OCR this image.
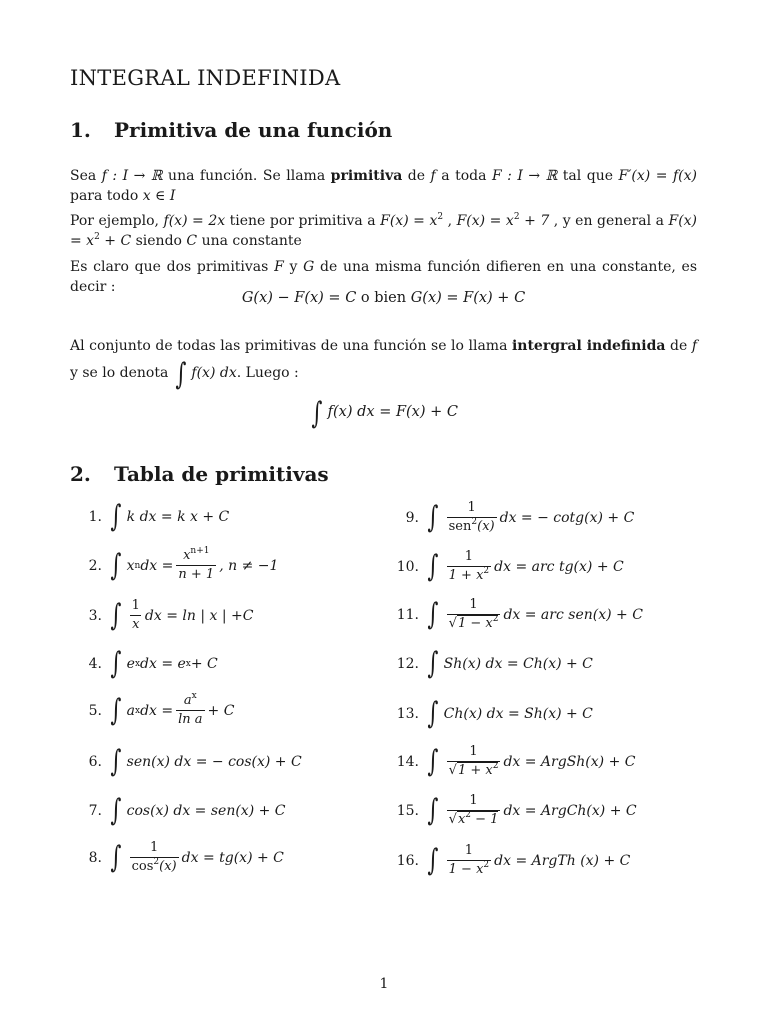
INTEGRAL INDEFINIDA
1. Primitiva de una función

Sea f : I → ℝ una función. Se llama primitiva de f a toda F : I → ℝ tal que F′(x) = f(x) para todo x ∈ I

Por ejemplo, f(x) = 2x tiene por primitiva a $F(x) = x^2$ , $F(x) = x^2 + 7$ , y en general a $F(x) = x^2 + C$ siendo C una constante

Es claro que dos primitivas F y G de una misma función difieren en una constante, es decir :

G(x) − F(x) = C o bien G(x) = F(x) + C

Al conjunto de todas las primitivas de una función se lo llama intergral indefinida de f y se lo denota ∫ f(x) dx. Luego :

∫ f(x) dx = F(x) + C

2. Tabla de primitivas
1. ∫ k dx = k x + C
2. ∫ x n dx = $\frac{x^{n+1}}{n + 1}$ , n ≠ −1
3. ∫ $\frac{1}{x}$ dx = ln | x | +C
4. ∫ e x dx = e x + C
5. ∫ a x dx = $\frac{a^x}{\text{ln a}} + C$
6. ∫ sen(x) dx = − cos(x) + C
7. ∫ cos(x) dx = sen(x) + C
8. ∫ $\frac{1}{\cos^2(x)}$ dx = tg(x) + C
9. ∫ $\frac{1}{sen^2(x)}$ dx = − cotg(x) + C
10. ∫ $\frac{1}{1 + x^2}$ dx = arc tg(x) + C
11. ∫ $\frac{1}{√1 - x^2}$ dx = arc sen(x) + C
12. ∫ Sh(x) dx = Ch(x) + C
13. ∫ Ch(x) dx = Sh(x) + C
14. ∫ $\frac{1}{√1 + x^2}$ dx = ArgSh(x) + C
15. ∫ $\frac{1}{√x^2 - 1}$ dx = ArgCh(x) + C
16. ∫ $\frac{1}{1 - x^2}$ dx = ArgTh (x) + C
1
